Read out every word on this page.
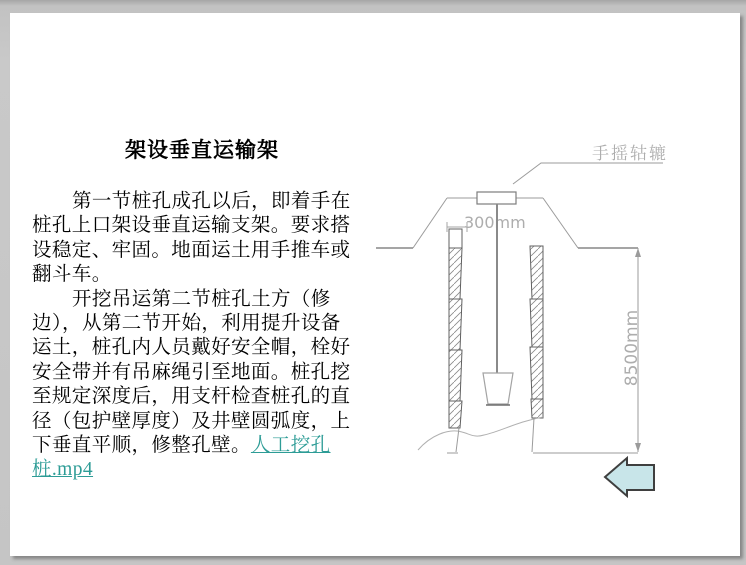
架设垂直运输架
第一节桩孔成孔以后，即着手在
桩孔上口架设垂直运输支架。要求搭
设稳定、牢固。地面运土用手推车或
翻斗车。
开挖吊运第二节桩孔土方（修
边），从第二节开始，利用提升设备
运土，桩孔内人员戴好安全帽，栓好
安全带并有吊麻绳引至地面。桩孔挖
至规定深度后，用支杆检查桩孔的直
径（包护壁厚度）及井壁圆弧度，上
下垂直平顺，修整孔壁。人工挖孔
桩.mp4
手摇轱辘
300mm
8500mm
